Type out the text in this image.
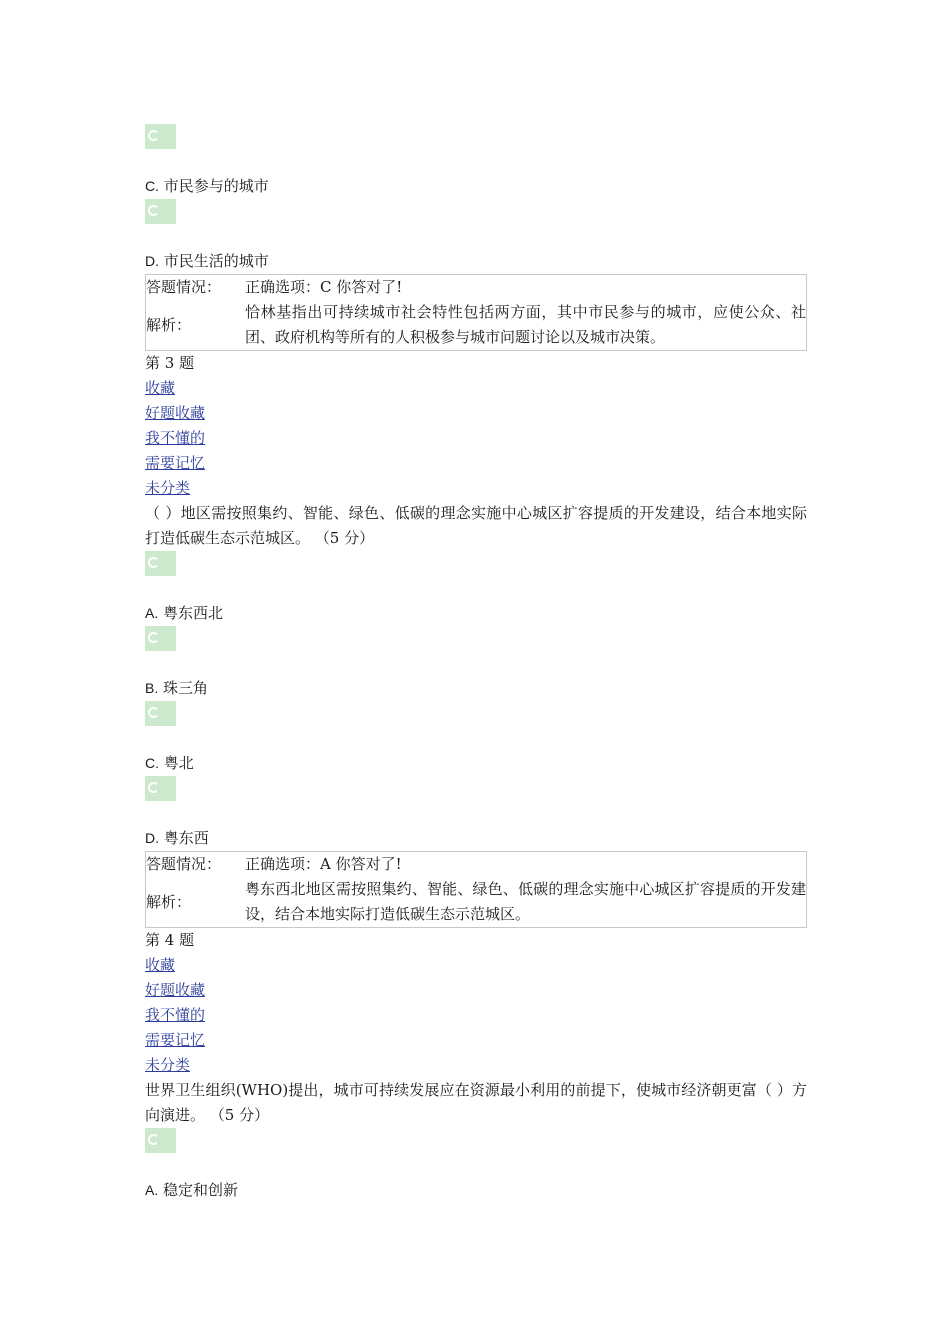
C. 市民参与的城市
D. 市民生活的城市
答题情况：	正确选项：C 你答对了!
解析：	恰林基指出可持续城市社会特性包括两方面，其中市民参与的城市，应使公众、社团、政府机构等所有的人积极参与城市问题讨论以及城市决策。
第 3 题
收藏
好题收藏
我不懂的
需要记忆
未分类
（ ）地区需按照集约、智能、绿色、低碳的理念实施中心城区扩容提质的开发建设，结合本地实际打造低碳生态示范城区。 （5 分）
A. 粤东西北
B. 珠三角
C. 粤北
D. 粤东西
答题情况：	正确选项：A 你答对了!
解析：	粤东西北地区需按照集约、智能、绿色、低碳的理念实施中心城区扩容提质的开发建设，结合本地实际打造低碳生态示范城区。
第 4 题
收藏
好题收藏
我不懂的
需要记忆
未分类
世界卫生组织(WHO)提出，城市可持续发展应在资源最小利用的前提下，使城市经济朝更富（ ）方向演进。 （5 分）
A. 稳定和创新
